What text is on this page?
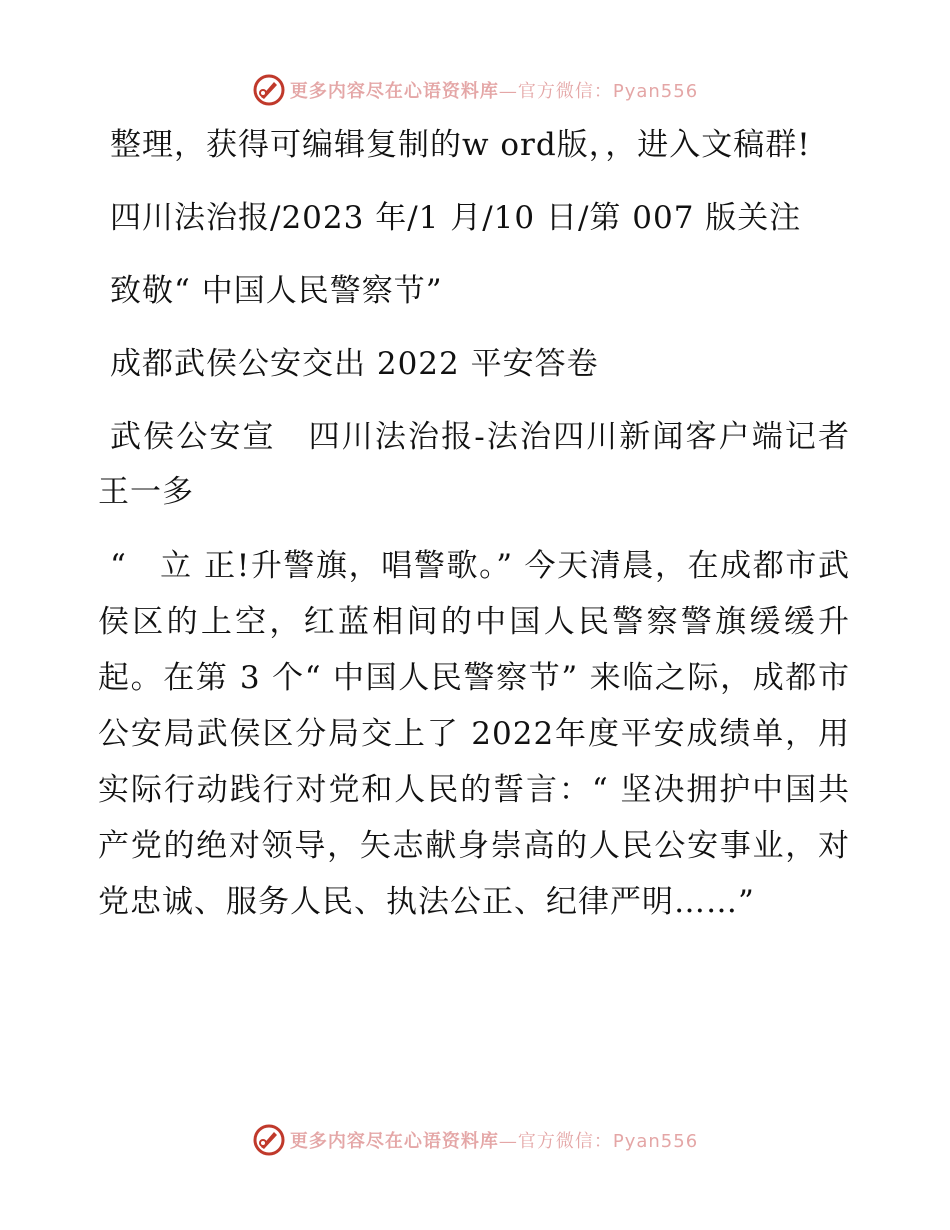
更多内容尽在心语资料库—官方微信：Pyan556

整理，获得可编辑复制的w ord版，，进入文稿群!

四川法治报/2023 年/1 月/10 日/第 007 版关注

致敬“ 中国人民警察节”

成都武侯公安交出 2022 平安答卷

武侯公安宣　四川法治报-法治四川新闻客户端记者　王一多

“　立 正!升警旗，唱警歌。” 今天清晨，在成都市武侯区的上空，红蓝相间的中国人民警察警旗缓缓升起。在第 3 个“ 中国人民警察节” 来临之际，成都市公安局武侯区分局交上了 2022年度平安成绩单，用实际行动践行对党和人民的誓言：“ 坚决拥护中国共产党的绝对领导，矢志献身崇高的人民公安事业，对党忠诚、服务人民、执法公正、纪律严明……”

更多内容尽在心语资料库—官方微信：Pyan556
